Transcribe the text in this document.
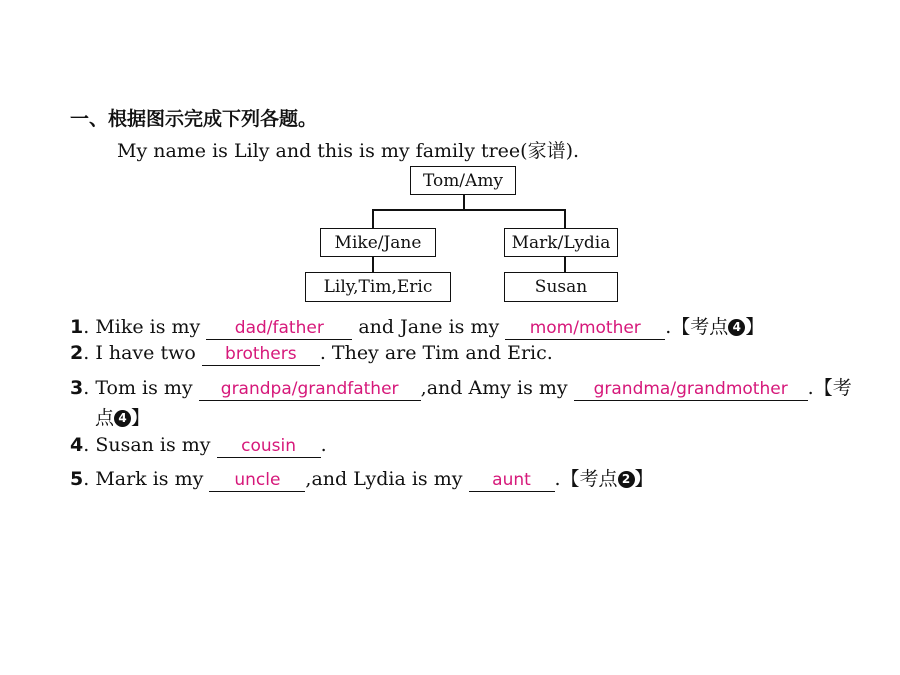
一、根据图示完成下列各题。
My name is Lily and this is my family tree(家谱).
Tom/Amy
Mike/Jane	Mark/Lydia
Lily,Tim,Eric	Susan
1. Mike is my dad/father and Jane is my mom/mother .【考点 4 】
2. I have two brothers . They are Tim and Eric.
3. Tom is my grandpa/grandfather ,and Amy is my grandma/grandmother .【考
点 4 】
4. Susan is my cousin .
5. Mark is my uncle ,and Lydia is my aunt .【考点 2 】
